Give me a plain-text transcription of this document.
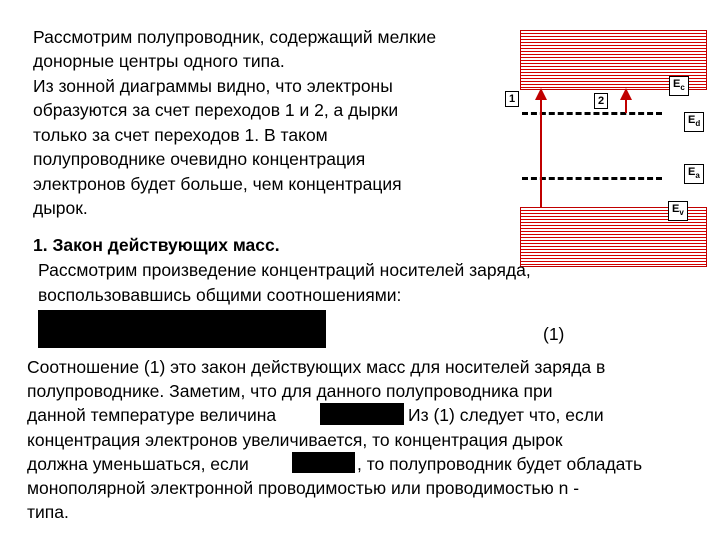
Рассмотрим полупроводник, содержащий мелкие
донорные центры одного типа.
Из зонной диаграммы видно, что электроны
образуются за счет переходов 1 и 2, а дырки
только за счет переходов 1. В таком
полупроводнике очевидно концентрация
электронов будет больше, чем концентрация
дырок.
1	2
$E_c$
$E_d$
$E_a$
$E_v$
1. Закон действующих масс.
Рассмотрим произведение концентраций носителей заряда,
воспользовавшись общими соотношениями:
(1)
Соотношение (1) это закон действующих масс для носителей заряда в
полупроводнике. Заметим, что для данного полупроводника при
данной температуре величина	Из (1) следует что, если
концентрация электронов увеличивается, то концентрация дырок
должна уменьшаться, если	, то полупроводник будет обладать
монополярной электронной проводимостью или проводимостью n -
типа.
